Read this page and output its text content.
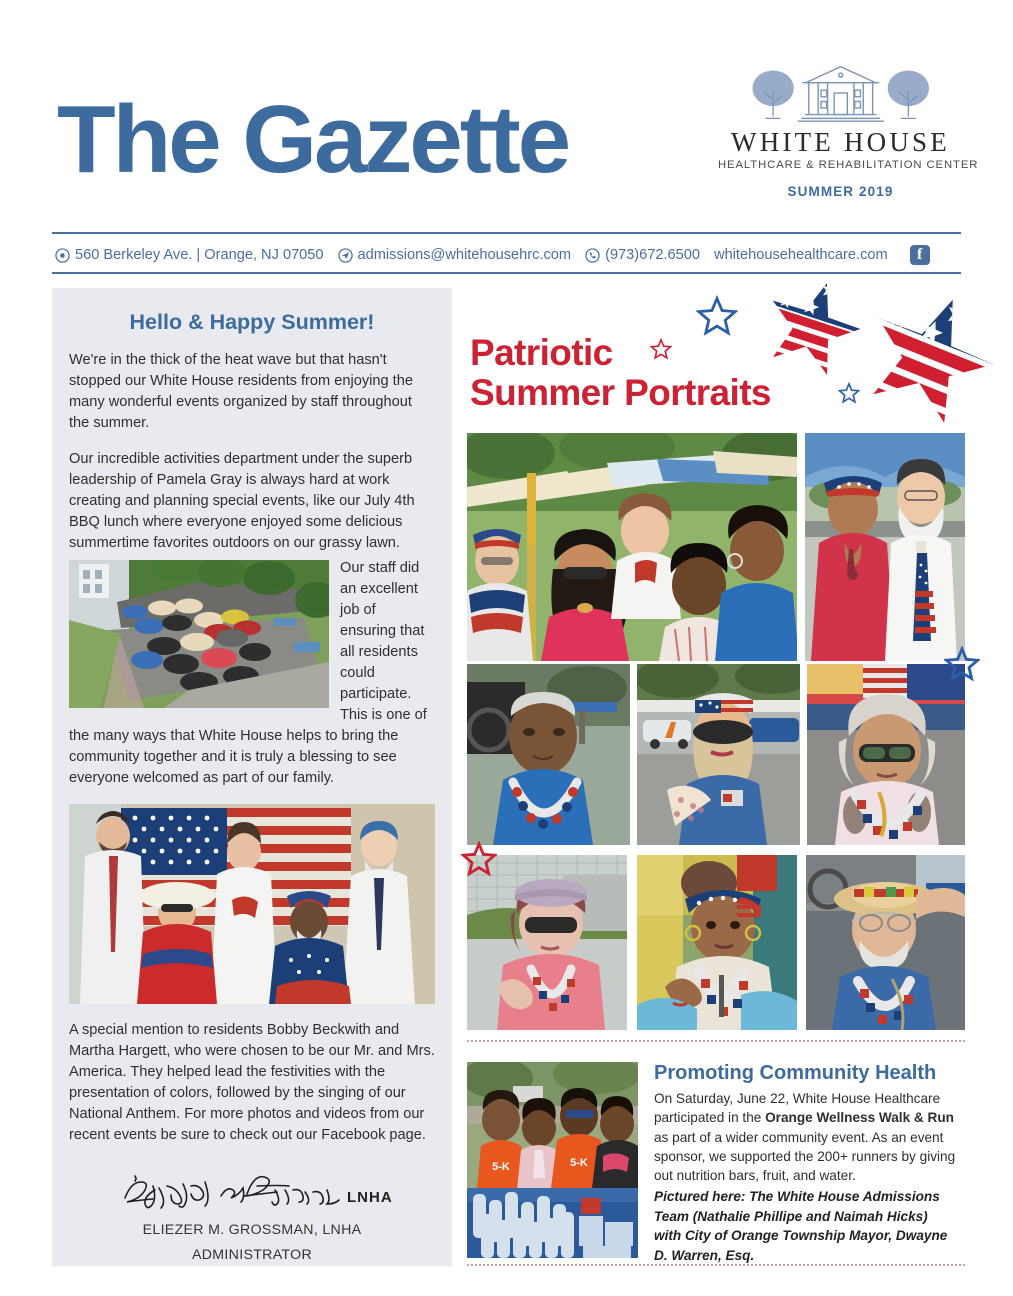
The Gazette	WHITE HOUSE
HEALTHCARE & REHABILITATION CENTER
SUMMER 2019
560 Berkeley Ave. | Orange, NJ 07050 admissions@whitehousehrc.com (973)672.6500 whitehousehealthcare.com	f
Hello & Happy Summer!

We're in the thick of the heat wave but that hasn't stopped our White House residents from enjoying the many wonderful events organized by staff throughout the summer.

Our incredible activities department under the superb leadership of Pamela Gray is always hard at work creating and planning special events, like our July 4th BBQ lunch where everyone enjoyed some delicious summertime favorites outdoors on our grassy lawn.

Our staff did an excellent job of ensuring that all residents could participate. This is one of the many ways that White House helps to bring the community together and it is truly a blessing to see everyone welcomed as part of our family.

A special mention to residents Bobby Beckwith and Martha Hargett, who were chosen to be our Mr. and Mrs. America. They helped lead the festivities with the presentation of colors, followed by the singing of our National Anthem. For more photos and videos from our recent events be sure to check out our Facebook page.

LNHA
ELIEZER M. GROSSMAN, LNHA
ADMINISTRATOR
Patriotic
Summer Portraits
5-K	5-K
Promoting Community Health
On Saturday, June 22, White House Healthcare participated in the Orange Wellness Walk & Run as part of a wider community event. As an event sponsor, we supported the 200+ runners by giving out nutrition bars, fruit, and water.
Pictured here: The White House Admissions Team (Nathalie Phillipe and Naimah Hicks) with City of Orange Township Mayor, Dwayne D. Warren, Esq.
